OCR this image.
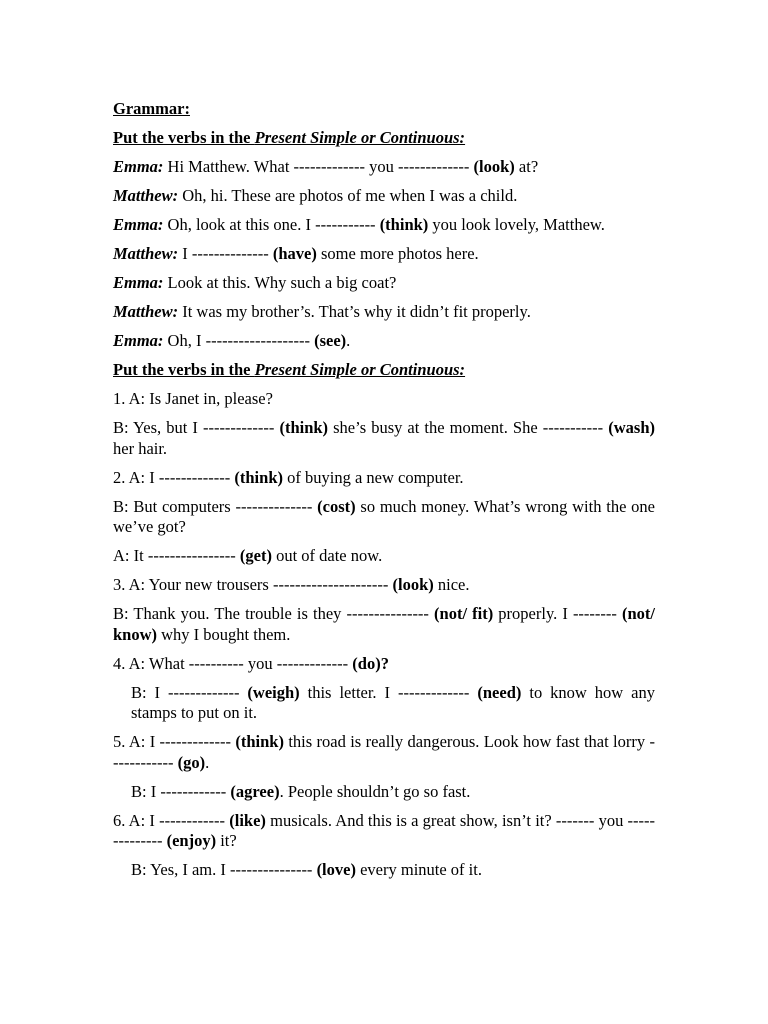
Grammar:

Put the verbs in the Present Simple or Continuous:

Emma: Hi Matthew. What ------------- you ------------- (look) at?

Matthew: Oh, hi. These are photos of me when I was a child.

Emma: Oh, look at this one. I ----------- (think) you look lovely, Matthew.

Matthew: I -------------- (have) some more photos here.

Emma: Look at this. Why such a big coat?

Matthew: It was my brother’s. That’s why it didn’t fit properly.

Emma: Oh, I ------------------- (see).

Put the verbs in the Present Simple or Continuous:

1. A: Is Janet in, please?

B: Yes, but I ------------- (think) she’s busy at the moment. She ----------- (wash) her hair.

2. A: I ------------- (think) of buying a new computer.

B: But computers -------------- (cost) so much money. What’s wrong with the one we’ve got?

A: It ---------------- (get) out of date now.

3. A: Your new trousers --------------------- (look) nice.

B: Thank you. The trouble is they --------------- (not/ fit) properly. I -------- (not/ know) why I bought them.

4. A: What ---------- you ------------- (do)?

B: I ------------- (weigh) this letter. I ------------- (need) to know how any stamps to put on it.

5. A: I ------------- (think) this road is really dangerous. Look how fast that lorry ------------ (go).

B: I ------------ (agree). People shouldn’t go so fast.

6. A: I ------------ (like) musicals. And this is a great show, isn’t it? ------- you -------------- (enjoy) it?

B: Yes, I am. I --------------- (love) every minute of it.
